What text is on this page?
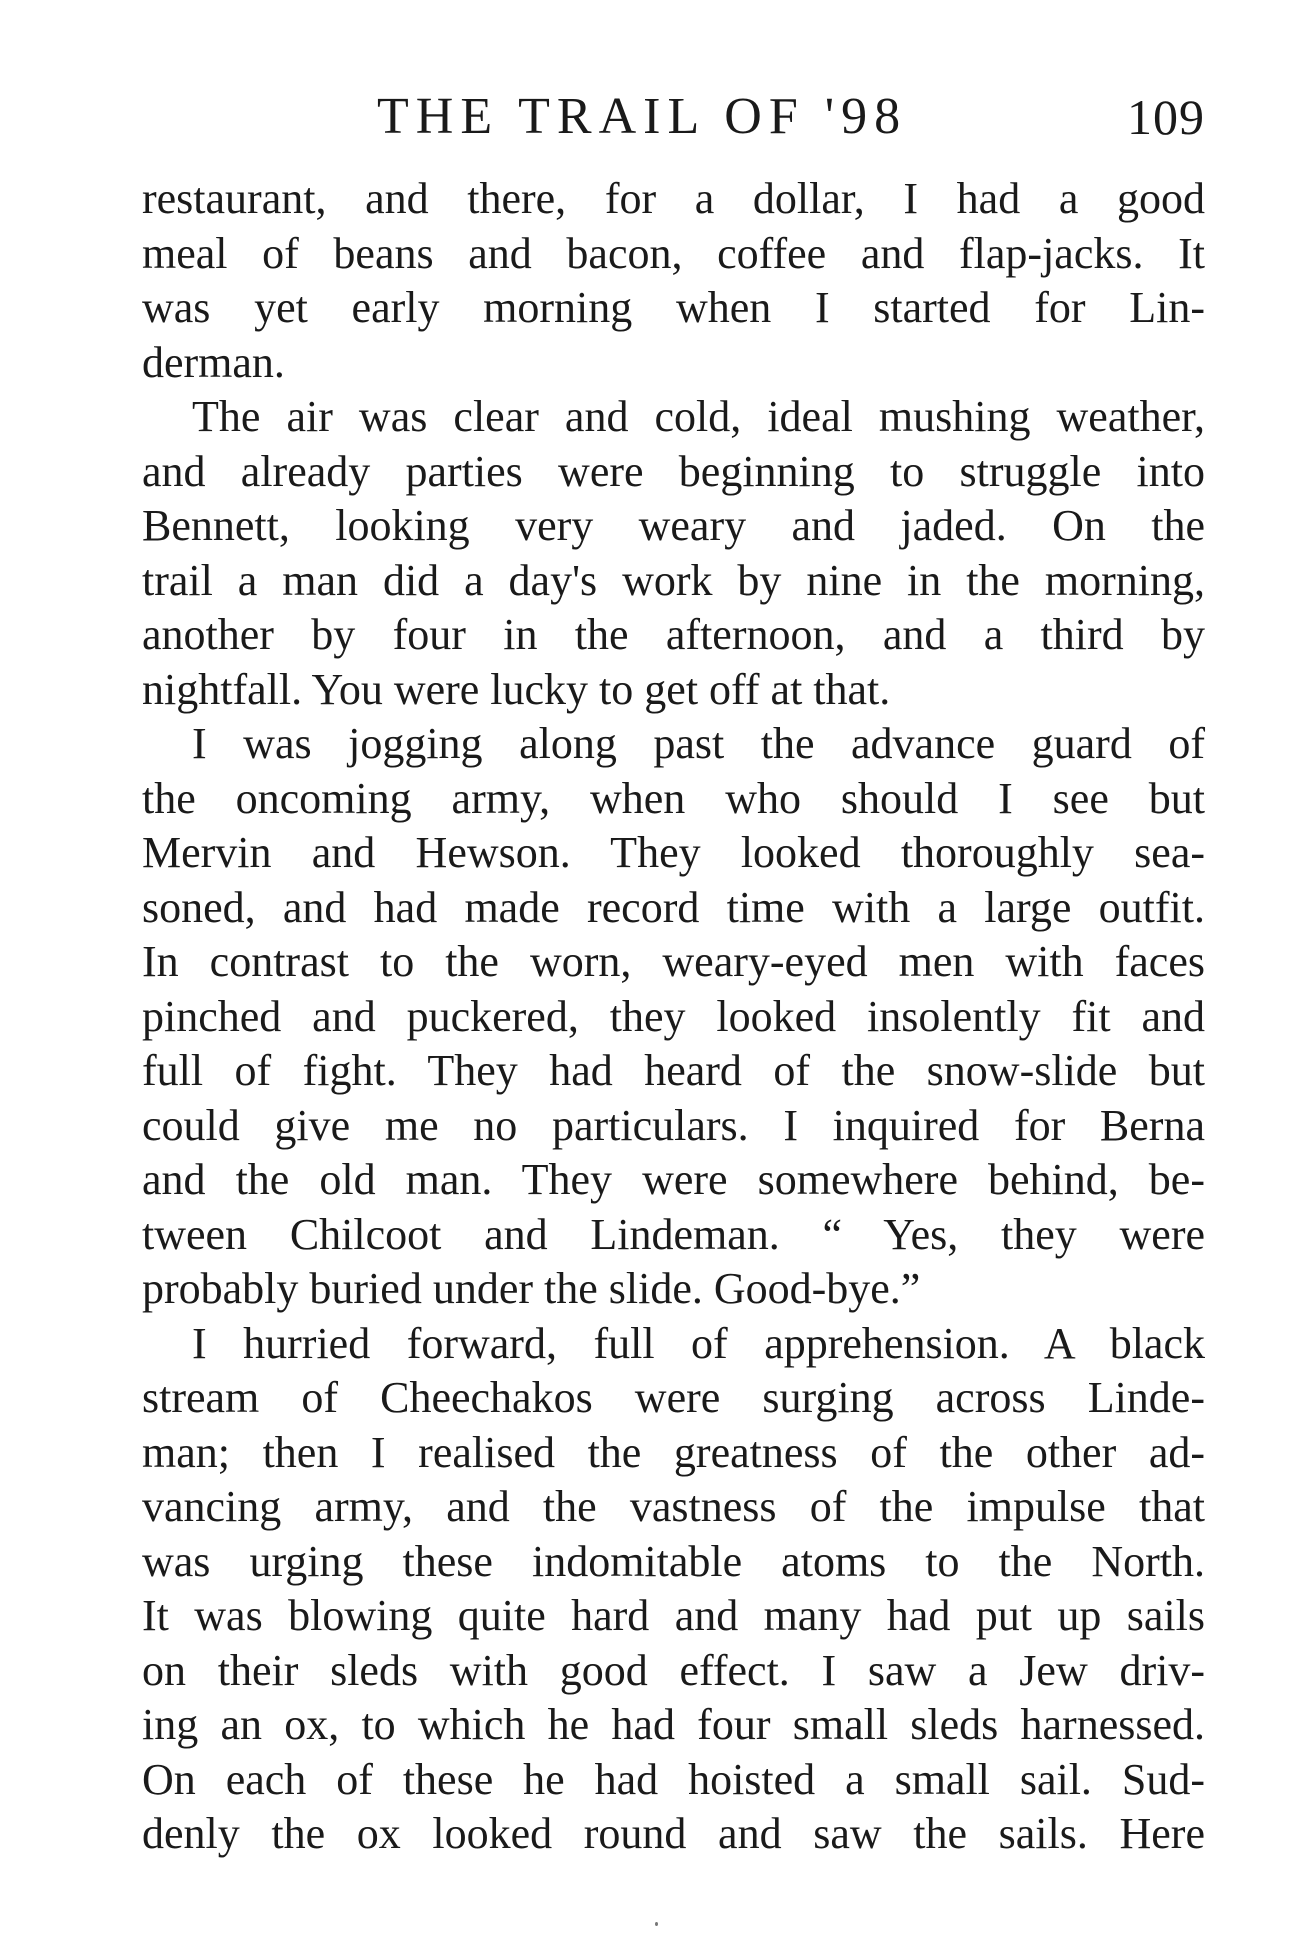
THE TRAIL OF '98	109
restaurant, and there, for a dollar, I had a good
meal of beans and bacon, coffee and flap-jacks. It
was yet early morning when I started for Lin-
derman.
The air was clear and cold, ideal mushing weather,
and already parties were beginning to struggle into
Bennett, looking very weary and jaded. On the
trail a man did a day's work by nine in the morning,
another by four in the afternoon, and a third by
nightfall. You were lucky to get off at that.
I was jogging along past the advance guard of
the oncoming army, when who should I see but
Mervin and Hewson. They looked thoroughly sea-
soned, and had made record time with a large outfit.
In contrast to the worn, weary-eyed men with faces
pinched and puckered, they looked insolently fit and
full of fight. They had heard of the snow-slide but
could give me no particulars. I inquired for Berna
and the old man. They were somewhere behind, be-
tween Chilcoot and Lindeman. “ Yes, they were
probably buried under the slide. Good-bye.”
I hurried forward, full of apprehension. A black
stream of Cheechakos were surging across Linde-
man; then I realised the greatness of the other ad-
vancing army, and the vastness of the impulse that
was urging these indomitable atoms to the North.
It was blowing quite hard and many had put up sails
on their sleds with good effect. I saw a Jew driv-
ing an ox, to which he had four small sleds harnessed.
On each of these he had hoisted a small sail. Sud-
denly the ox looked round and saw the sails. Here
